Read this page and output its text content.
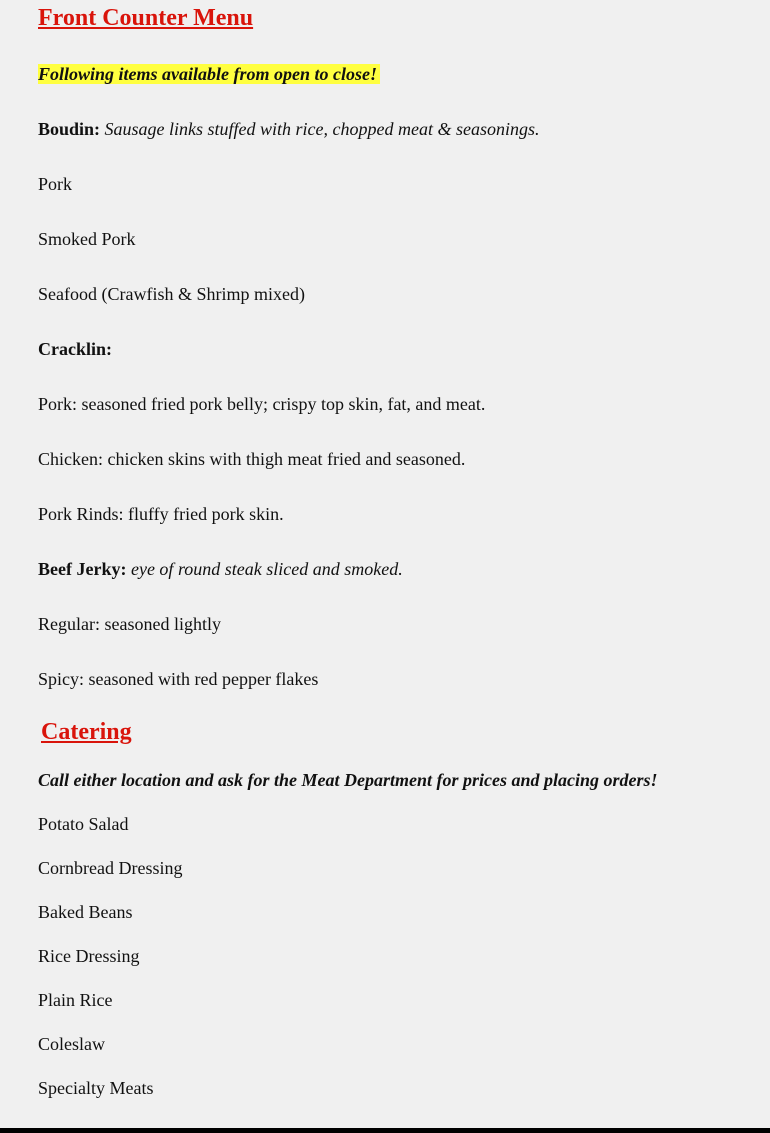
Front Counter Menu
Following items available from open to close!
Boudin: Sausage links stuffed with rice, chopped meat & seasonings.
Pork
Smoked Pork
Seafood (Crawfish & Shrimp mixed)
Cracklin:
Pork: seasoned fried pork belly; crispy top skin, fat, and meat.
Chicken: chicken skins with thigh meat fried and seasoned.
Pork Rinds: fluffy fried pork skin.
Beef Jerky: eye of round steak sliced and smoked.
Regular: seasoned lightly
Spicy: seasoned with red pepper flakes
Catering
Call either location and ask for the Meat Department for prices and placing orders!
Potato Salad
Cornbread Dressing
Baked Beans
Rice Dressing
Plain Rice
Coleslaw
Specialty Meats
